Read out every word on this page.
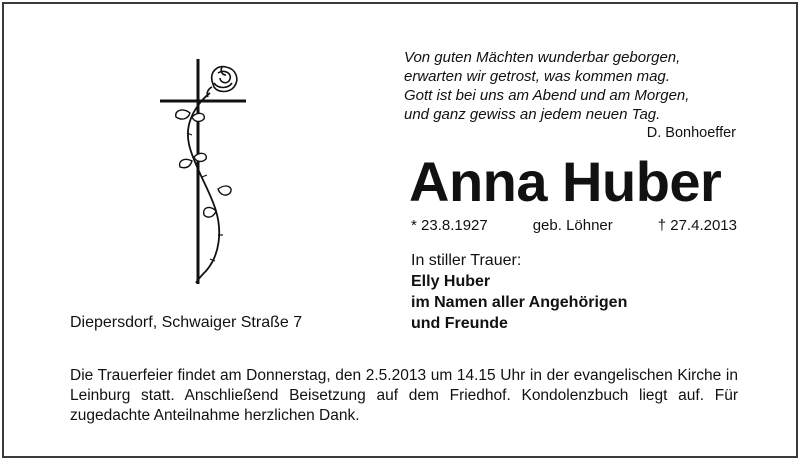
Von guten Mächten wunderbar geborgen,
erwarten wir getrost, was kommen mag.
Gott ist bei uns am Abend und am Morgen,
und ganz gewiss an jedem neuen Tag.
D. Bonhoeffer
Anna Huber
* 23.8.1927	geb. Löhner	† 27.4.2013
In stiller Trauer:
Elly Huber
im Namen aller Angehörigen
und Freunde
Diepersdorf, Schwaiger Straße 7
Die Trauerfeier findet am Donnerstag, den 2.5.2013 um 14.15 Uhr in der evangelischen Kirche in Leinburg statt. Anschließend Beisetzung auf dem Friedhof. Kondolenzbuch liegt auf. Für zugedachte Anteilnahme herzlichen Dank.
